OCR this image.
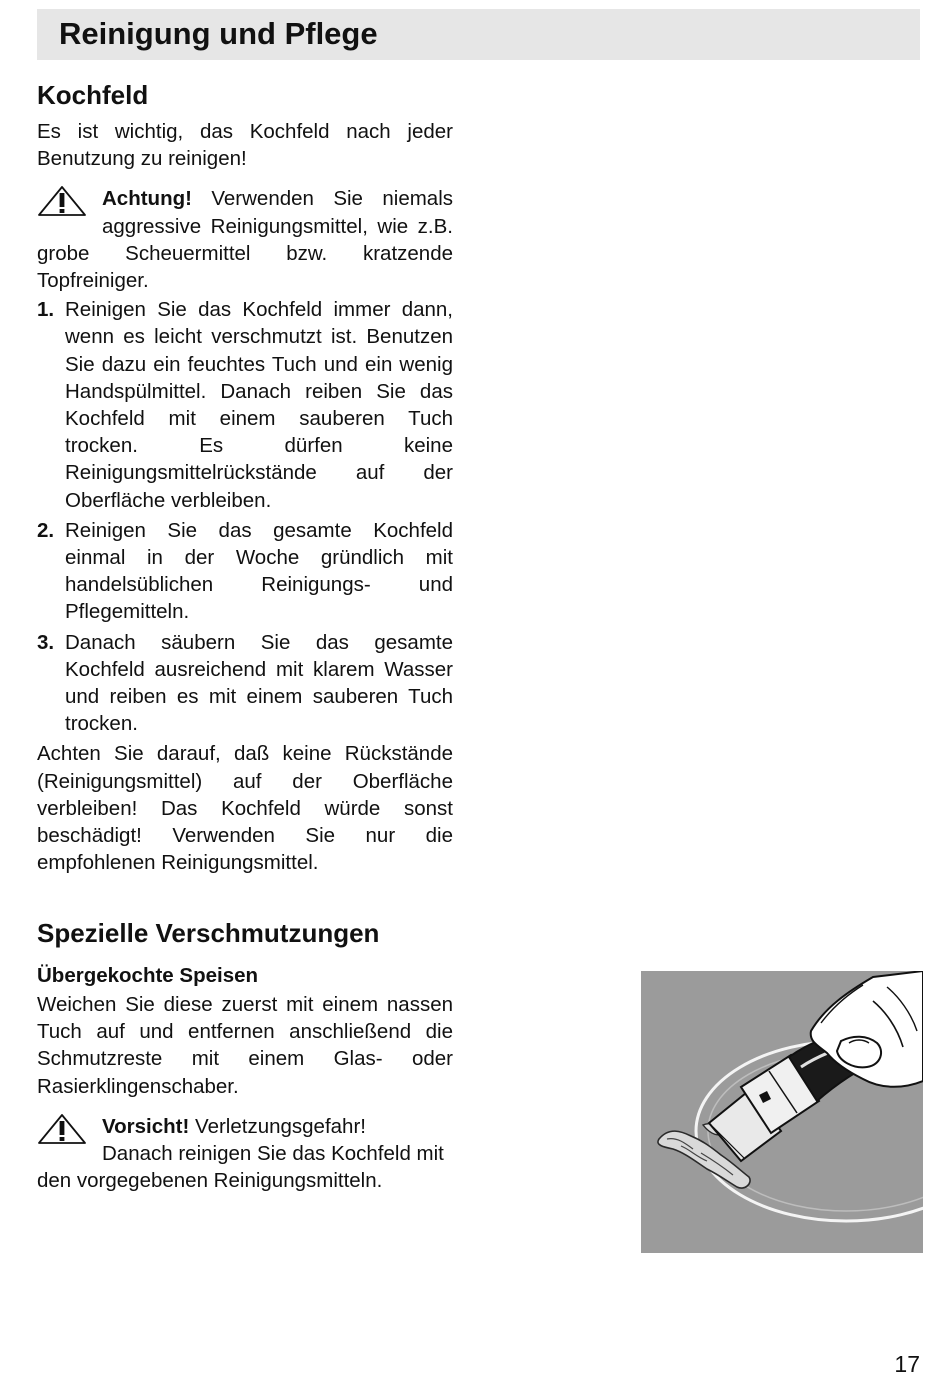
Reinigung und Pflege
Kochfeld

Es ist wichtig, das Kochfeld nach jeder Benutzung zu reinigen!

Achtung! Verwenden Sie niemals aggressive Reinigungsmittel, wie z.B. grobe Scheuermittel bzw. kratzende Topfreiniger.

1. Reinigen Sie das Kochfeld immer dann, wenn es leicht verschmutzt ist. Benutzen Sie dazu ein feuchtes Tuch und ein wenig Handspülmittel. Danach reiben Sie das Kochfeld mit einem sauberen Tuch trocken. Es dürfen keine Reinigungsmittelrückstände auf der Oberfläche verbleiben.
2. Reinigen Sie das gesamte Kochfeld einmal in der Woche gründlich mit handelsüblichen Reinigungs- und Pflegemitteln.
3. Danach säubern Sie das gesamte Kochfeld ausreichend mit klarem Wasser und reiben es mit einem sauberen Tuch trocken.

Achten Sie darauf, daß keine Rückstände (Reinigungsmittel) auf der Oberfläche verbleiben! Das Kochfeld würde sonst beschädigt! Verwenden Sie nur die empfohlenen Reinigungsmittel.

Spezielle Verschmutzungen
Übergekochte Speisen

Weichen Sie diese zuerst mit einem nassen Tuch auf und entfernen anschließend die Schmutzreste mit einem Glas- oder Rasierklingenschaber.

Vorsicht! Verletzungsgefahr!

Danach reinigen Sie das Kochfeld mit den vorgegebenen Reinigungsmitteln.

17
